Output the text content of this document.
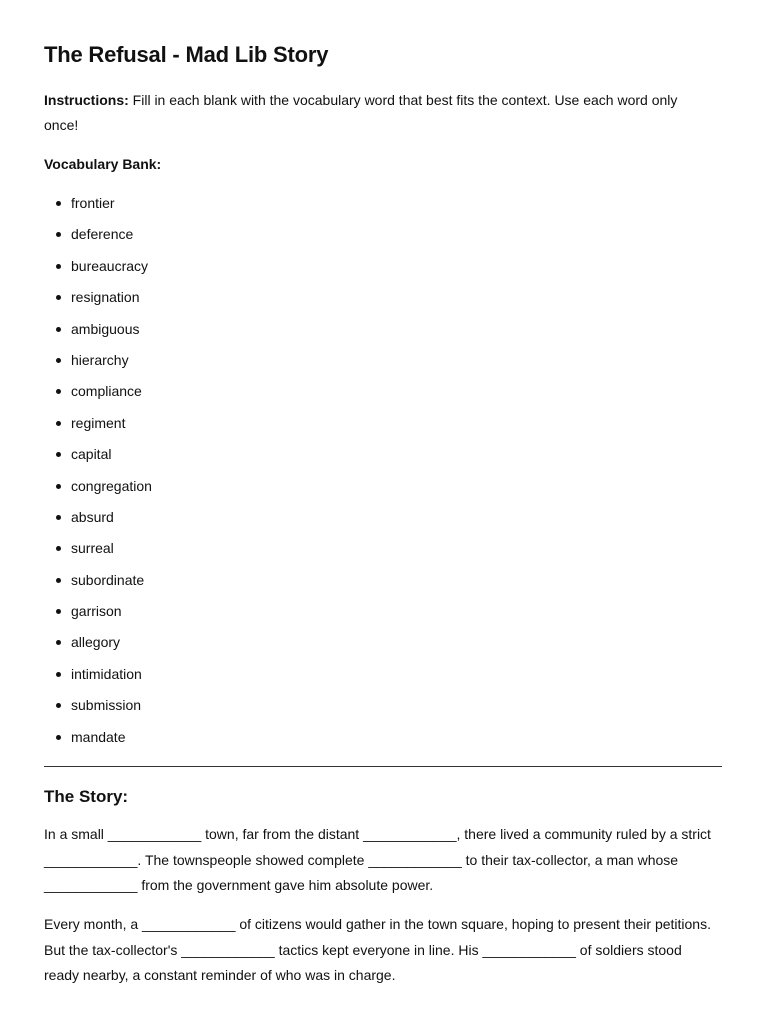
The Refusal - Mad Lib Story

Instructions: Fill in each blank with the vocabulary word that best fits the context. Use each word only once!

Vocabulary Bank:

frontier
deference
bureaucracy
resignation
ambiguous
hierarchy
compliance
regiment
capital
congregation
absurd
surreal
subordinate
garrison
allegory
intimidation
submission
mandate
The Story:

In a small ____________ town, far from the distant ____________, there lived a community ruled by a strict ____________. The townspeople showed complete ____________ to their tax-collector, a man whose ____________ from the government gave him absolute power.

Every month, a ____________ of citizens would gather in the town square, hoping to present their petitions. But the tax-collector's ____________ tactics kept everyone in line. His ____________ of soldiers stood ready nearby, a constant reminder of who was in charge.
